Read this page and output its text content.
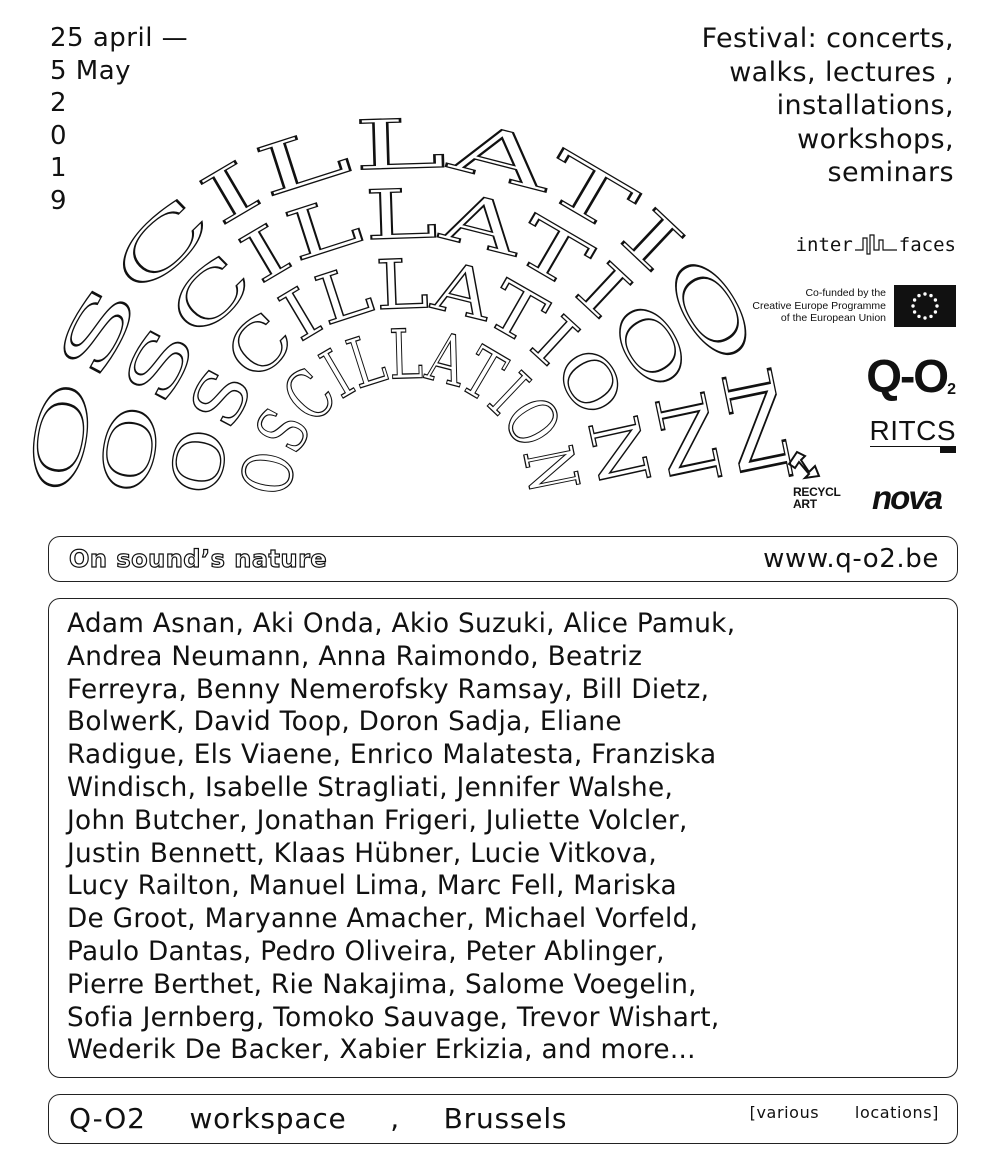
OSCILLATION
OSCILLATION
OSCILLATION
OSCILLATION
25 april —
5 May
2
0
1
9
Festival: concerts,
walks, lectures ,
installations,
workshops,
seminars
inter faces
Co-funded by the
Creative Europe Programme
of the European Union
$Q-O_2$
RITCS
RECYCL
ART	nova
On sound’s nature	www.q-o2.be
Adam Asnan, Aki Onda, Akio Suzuki, Alice Pamuk,
Andrea Neumann, Anna Raimondo, Beatriz
Ferreyra, Benny Nemerofsky Ramsay, Bill Dietz,
BolwerK, David Toop, Doron Sadja, Eliane
Radigue, Els Viaene, Enrico Malatesta, Franziska
Windisch, Isabelle Stragliati, Jennifer Walshe,
John Butcher, Jonathan Frigeri, Juliette Volcler,
Justin Bennett, Klaas Hübner, Lucie Vitkova,
Lucy Railton, Manuel Lima, Marc Fell, Mariska
De Groot, Maryanne Amacher, Michael Vorfeld,
Paulo Dantas, Pedro Oliveira, Peter Ablinger,
Pierre Berthet, Rie Nakajima, Salome Voegelin,
Sofia Jernberg, Tomoko Sauvage, Trevor Wishart,
Wederik De Backer, Xabier Erkizia, and more...
Q-O2 workspace , Brussels	[various locations]
